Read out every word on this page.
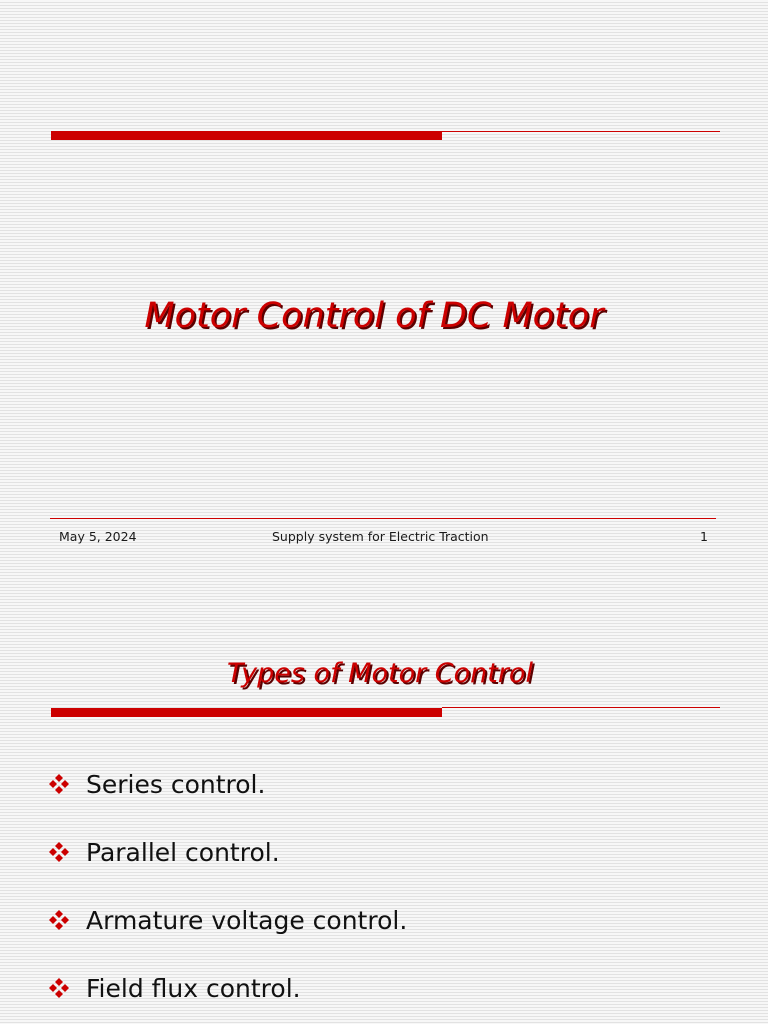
Motor Control of DC Motor
May 5, 2024	Supply system for Electric Traction	1
Types of Motor Control
Series control.
Parallel control.
Armature voltage control.
Field flux control.
